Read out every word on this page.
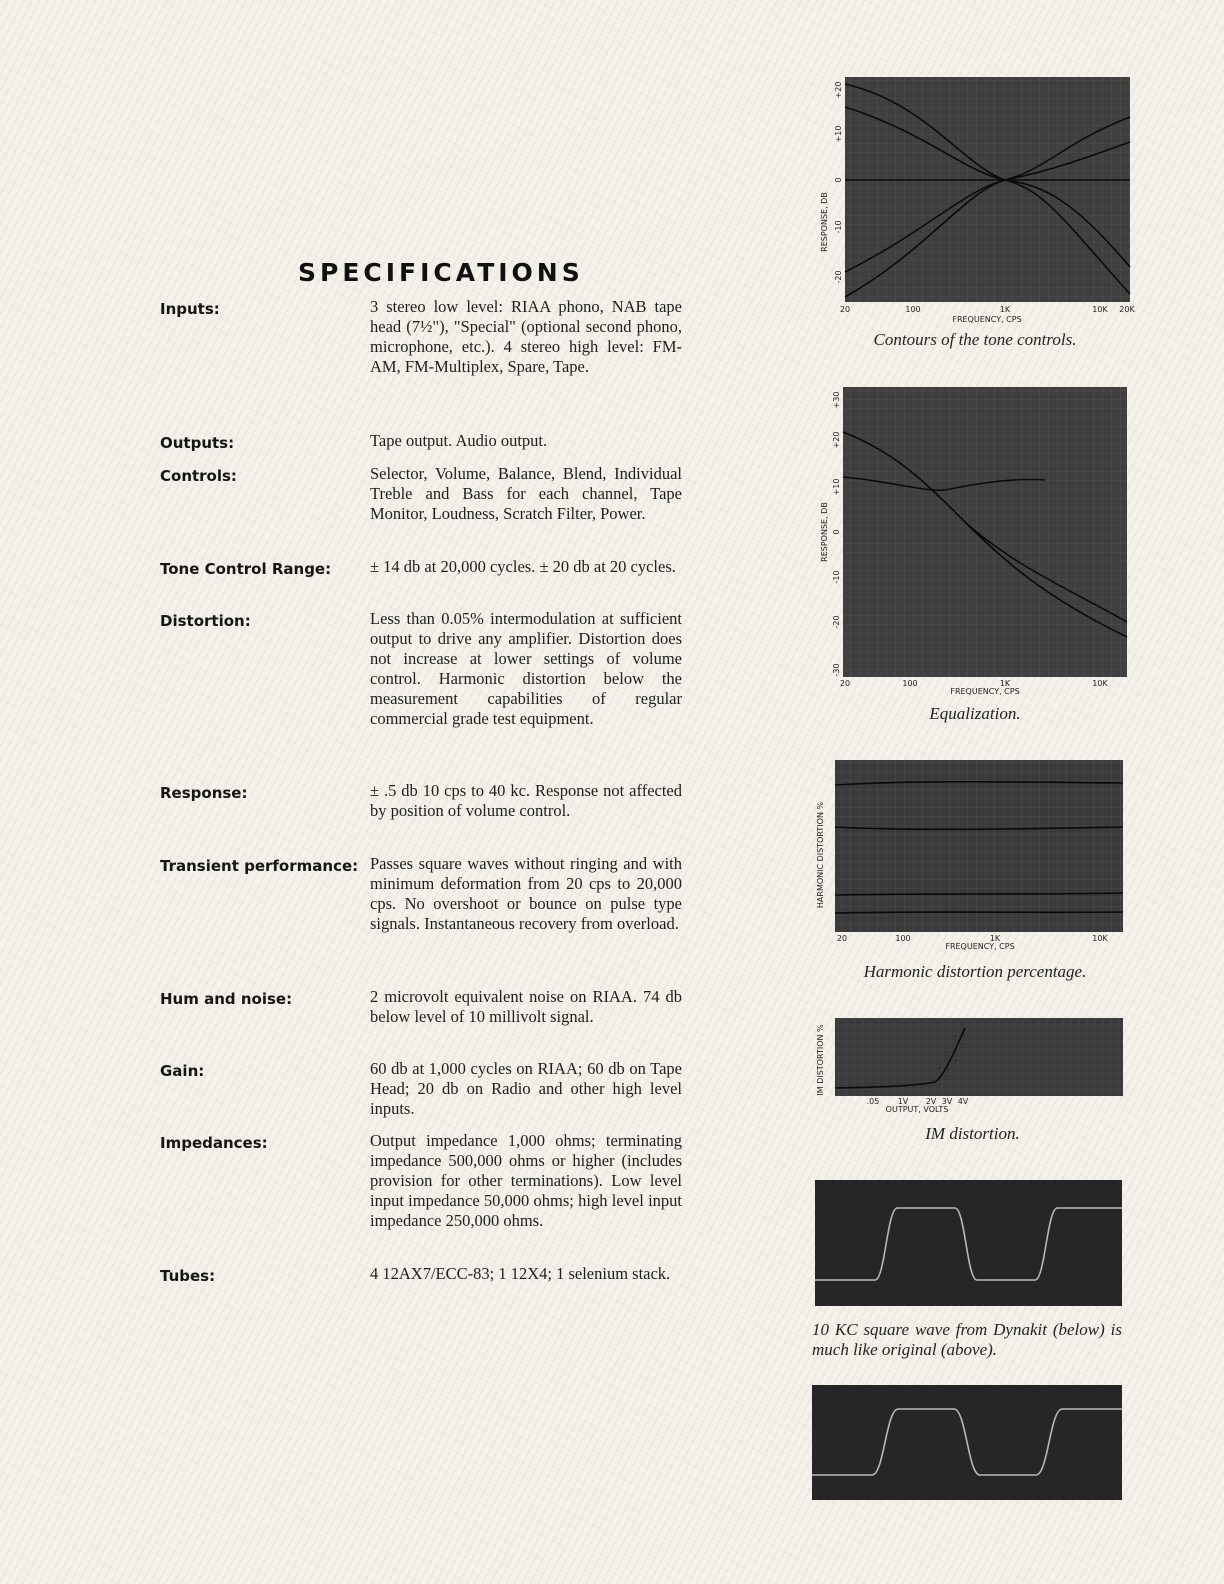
SPECIFICATIONS
Inputs:	3 stereo low level: RIAA phono, NAB tape head (7½"), "Special" (optional second phono, microphone, etc.). 4 stereo high level: FM-AM, FM-Multiplex, Spare, Tape.
Outputs:	Tape output. Audio output.
Controls:	Selector, Volume, Balance, Blend, Individual Treble and Bass for each channel, Tape Monitor, Loudness, Scratch Filter, Power.
Tone Control Range:	± 14 db at 20,000 cycles. ± 20 db at 20 cycles.
Distortion:	Less than 0.05% intermodulation at sufficient output to drive any amplifier. Distortion does not increase at lower settings of volume control. Harmonic distortion below the measurement capabilities of regular commercial grade test equipment.
Response:	± .5 db 10 cps to 40 kc. Response not affected by position of volume control.
Transient performance: Passes square waves without ringing and with minimum deformation from 20 cps to 20,000 cps. No overshoot or bounce on pulse type signals. Instantaneous recovery from overload.
Hum and noise:	2 microvolt equivalent noise on RIAA. 74 db below level of 10 millivolt signal.
Gain:	60 db at 1,000 cycles on RIAA; 60 db on Tape Head; 20 db on Radio and other high level inputs.
Impedances:	Output impedance 1,000 ohms; terminating impedance 500,000 ohms or higher (includes provision for other terminations). Low level input impedance 50,000 ohms; high level input impedance 250,000 ohms.
Tubes:	4 12AX7/ECC-83; 1 12X4; 1 selenium stack.
RESPONSE, DB
+20
+10
0
-10
-20
20	100	1K	10K 20K
FREQUENCY, CPS
Contours of the tone controls.
RESPONSE, DB
+30
+20
+10
0
-10
-20
-30
20	100	1K	10K
FREQUENCY, CPS
Equalization.
HARMONIC DISTORTION %
20	100	1K	10K
FREQUENCY, CPS
Harmonic distortion percentage.
IM DISTORTION %
.05 1V 2V 3V 4V
OUTPUT, VOLTS
IM distortion.
10 KC square wave from Dynakit (below) is much like original (above).
